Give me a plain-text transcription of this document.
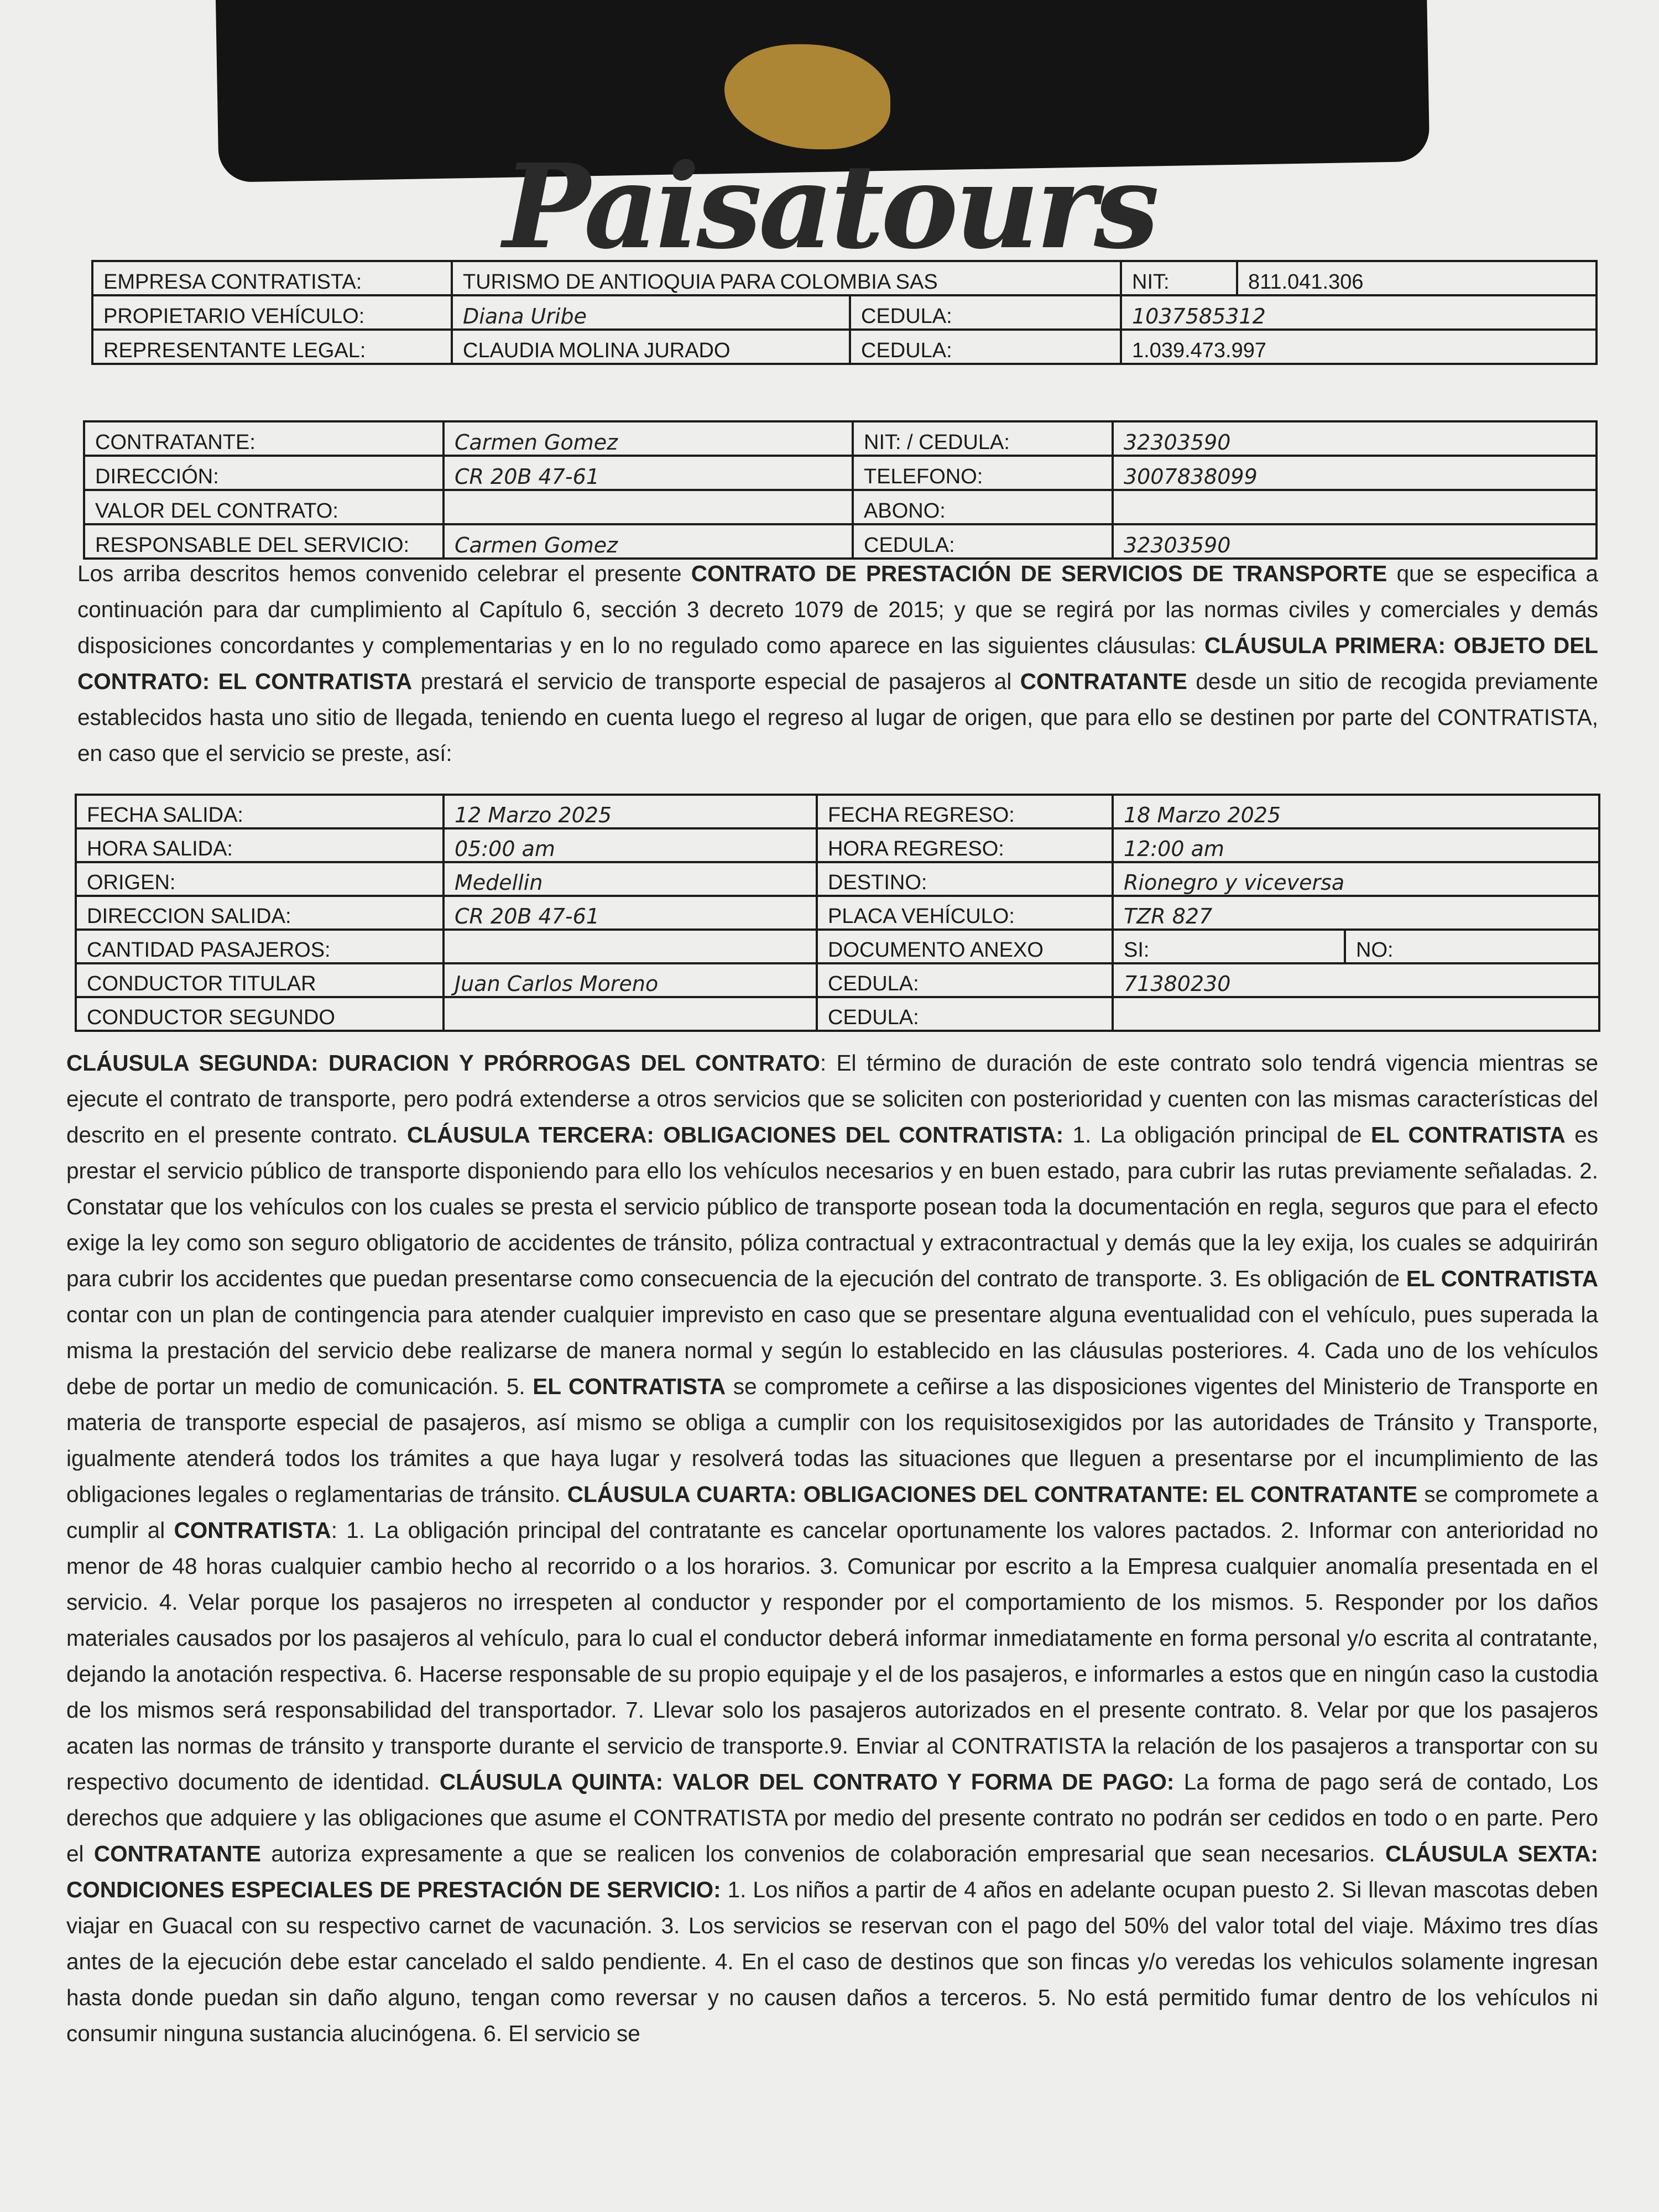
Paisatours
EMPRESA CONTRATISTA:	TURISMO DE ANTIOQUIA PARA COLOMBIA SAS		NIT:	811.041.306
PROPIETARIO VEHÍCULO:	Diana Uribe	CEDULA:	1037585312	
REPRESENTANTE LEGAL:	CLAUDIA MOLINA JURADO	CEDULA:	1.039.473.997	
CONTRATANTE:	Carmen Gomez	NIT: / CEDULA:	32303590
DIRECCIÓN:	CR 20B 47-61	TELEFONO:	3007838099
VALOR DEL CONTRATO:		ABONO:	
RESPONSABLE DEL SERVICIO:	Carmen Gomez	CEDULA:	32303590
Los arriba descritos hemos convenido celebrar el presente CONTRATO DE PRESTACIÓN DE SERVICIOS DE TRANSPORTE que se especifica a continuación para dar cumplimiento al Capítulo 6, sección 3 decreto 1079 de 2015; y que se regirá por las normas civiles y comerciales y demás disposiciones concordantes y complementarias y en lo no regulado como aparece en las siguientes cláusulas: CLÁUSULA PRIMERA: OBJETO DEL CONTRATO: EL CONTRATISTA prestará el servicio de transporte especial de pasajeros al CONTRATANTE desde un sitio de recogida previamente establecidos hasta uno sitio de llegada, teniendo en cuenta luego el regreso al lugar de origen, que para ello se destinen por parte del CONTRATISTA, en caso que el servicio se preste, así:
FECHA SALIDA:	12 Marzo 2025	FECHA REGRESO:	18 Marzo 2025	
HORA SALIDA:	05:00 am	HORA REGRESO:	12:00 am	
ORIGEN:	Medellin	DESTINO:	Rionegro y viceversa	
DIRECCION SALIDA:	CR 20B 47-61	PLACA VEHÍCULO:	TZR 827	
CANTIDAD PASAJEROS:		DOCUMENTO ANEXO	SI:	NO:
CONDUCTOR TITULAR	Juan Carlos Moreno	CEDULA:	71380230	
CONDUCTOR SEGUNDO		CEDULA:		
CLÁUSULA SEGUNDA: DURACION Y PRÓRROGAS DEL CONTRATO: El término de duración de este contrato solo tendrá vigencia mientras se ejecute el contrato de transporte, pero podrá extenderse a otros servicios que se soliciten con posterioridad y cuenten con las mismas características del descrito en el presente contrato. CLÁUSULA TERCERA: OBLIGACIONES DEL CONTRATISTA: 1. La obligación principal de EL CONTRATISTA es prestar el servicio público de transporte disponiendo para ello los vehículos necesarios y en buen estado, para cubrir las rutas previamente señaladas. 2. Constatar que los vehículos con los cuales se presta el servicio público de transporte posean toda la documentación en regla, seguros que para el efecto exige la ley como son seguro obligatorio de accidentes de tránsito, póliza contractual y extracontractual y demás que la ley exija, los cuales se adquirirán para cubrir los accidentes que puedan presentarse como consecuencia de la ejecución del contrato de transporte. 3. Es obligación de EL CONTRATISTA contar con un plan de contingencia para atender cualquier imprevisto en caso que se presentare alguna eventualidad con el vehículo, pues superada la misma la prestación del servicio debe realizarse de manera normal y según lo establecido en las cláusulas posteriores. 4. Cada uno de los vehículos debe de portar un medio de comunicación. 5. EL CONTRATISTA se compromete a ceñirse a las disposiciones vigentes del Ministerio de Transporte en materia de transporte especial de pasajeros, así mismo se obliga a cumplir con los requisitosexigidos por las autoridades de Tránsito y Transporte, igualmente atenderá todos los trámites a que haya lugar y resolverá todas las situaciones que lleguen a presentarse por el incumplimiento de las obligaciones legales o reglamentarias de tránsito. CLÁUSULA CUARTA: OBLIGACIONES DEL CONTRATANTE: EL CONTRATANTE se compromete a cumplir al CONTRATISTA: 1. La obligación principal del contratante es cancelar oportunamente los valores pactados. 2. Informar con anterioridad no menor de 48 horas cualquier cambio hecho al recorrido o a los horarios. 3. Comunicar por escrito a la Empresa cualquier anomalía presentada en el servicio. 4. Velar porque los pasajeros no irrespeten al conductor y responder por el comportamiento de los mismos. 5. Responder por los daños materiales causados por los pasajeros al vehículo, para lo cual el conductor deberá informar inmediatamente en forma personal y/o escrita al contratante, dejando la anotación respectiva. 6. Hacerse responsable de su propio equipaje y el de los pasajeros, e informarles a estos que en ningún caso la custodia de los mismos será responsabilidad del transportador. 7. Llevar solo los pasajeros autorizados en el presente contrato. 8. Velar por que los pasajeros acaten las normas de tránsito y transporte durante el servicio de transporte.9. Enviar al CONTRATISTA la relación de los pasajeros a transportar con su respectivo documento de identidad. CLÁUSULA QUINTA: VALOR DEL CONTRATO Y FORMA DE PAGO: La forma de pago será de contado, Los derechos que adquiere y las obligaciones que asume el CONTRATISTA por medio del presente contrato no podrán ser cedidos en todo o en parte. Pero el CONTRATANTE autoriza expresamente a que se realicen los convenios de colaboración empresarial que sean necesarios. CLÁUSULA SEXTA: CONDICIONES ESPECIALES DE PRESTACIÓN DE SERVICIO: 1. Los niños a partir de 4 años en adelante ocupan puesto 2. Si llevan mascotas deben viajar en Guacal con su respectivo carnet de vacunación. 3. Los servicios se reservan con el pago del 50% del valor total del viaje. Máximo tres días antes de la ejecución debe estar cancelado el saldo pendiente. 4. En el caso de destinos que son fincas y/o veredas los vehiculos solamente ingresan hasta donde puedan sin daño alguno, tengan como reversar y no causen daños a terceros. 5. No está permitido fumar dentro de los vehículos ni consumir ninguna sustancia alucinógena. 6. El servicio se
